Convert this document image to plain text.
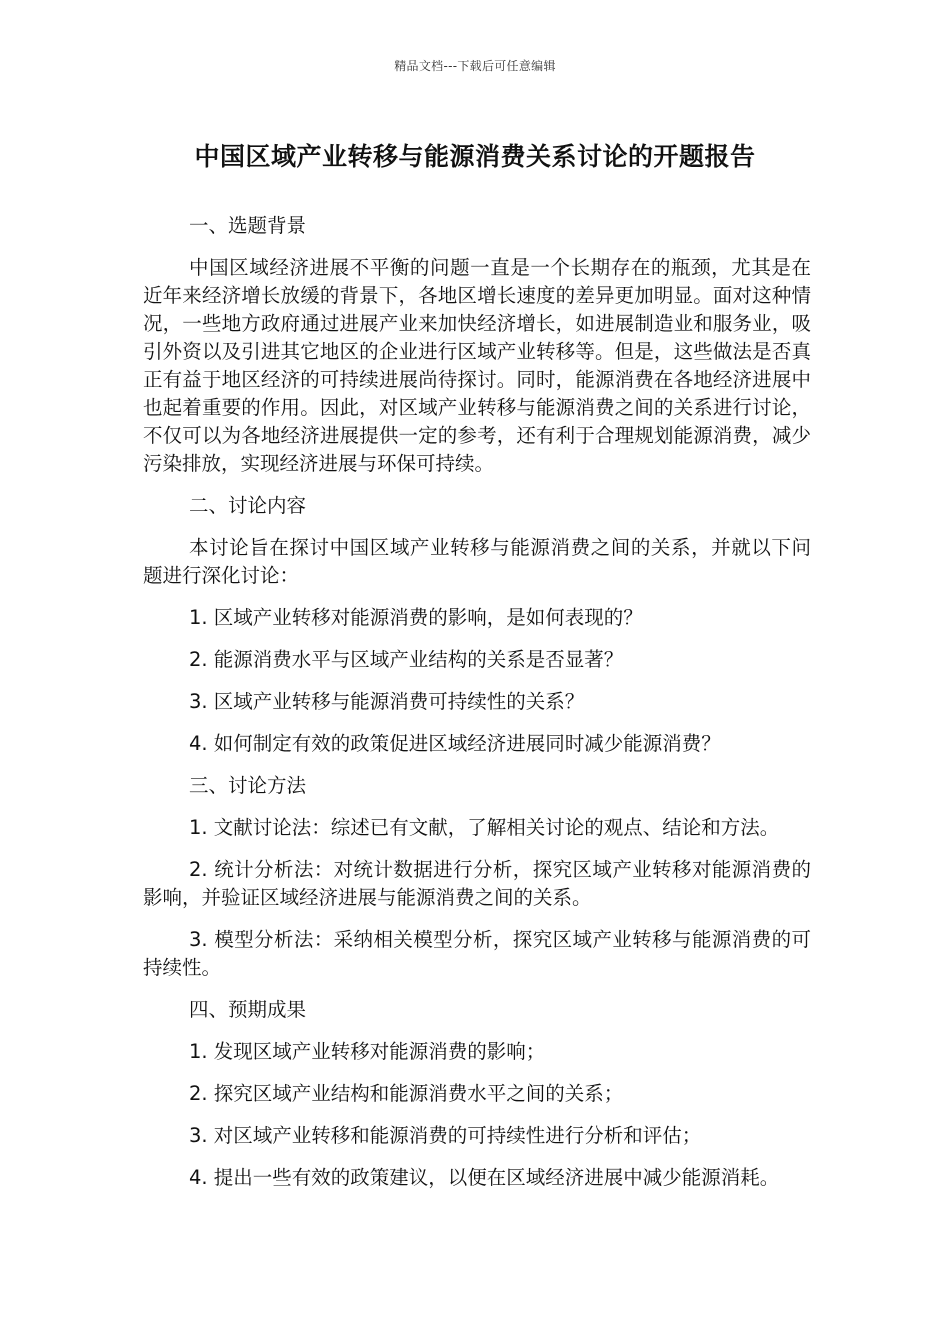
精品文档---下载后可任意编辑
中国区域产业转移与能源消费关系讨论的开题报告

一、选题背景

中国区域经济进展不平衡的问题一直是一个长期存在的瓶颈，尤其是在近年来经济增长放缓的背景下，各地区增长速度的差异更加明显。面对这种情况，一些地方政府通过进展产业来加快经济增长，如进展制造业和服务业，吸引外资以及引进其它地区的企业进行区域产业转移等。但是，这些做法是否真正有益于地区经济的可持续进展尚待探讨。同时，能源消费在各地经济进展中也起着重要的作用。因此，对区域产业转移与能源消费之间的关系进行讨论，不仅可以为各地经济进展提供一定的参考，还有利于合理规划能源消费，减少污染排放，实现经济进展与环保可持续。

二、讨论内容

本讨论旨在探讨中国区域产业转移与能源消费之间的关系，并就以下问题进行深化讨论：

1. 区域产业转移对能源消费的影响，是如何表现的？

2. 能源消费水平与区域产业结构的关系是否显著？

3. 区域产业转移与能源消费可持续性的关系？

4. 如何制定有效的政策促进区域经济进展同时减少能源消费？

三、讨论方法

1. 文献讨论法：综述已有文献，了解相关讨论的观点、结论和方法。

2. 统计分析法：对统计数据进行分析，探究区域产业转移对能源消费的影响，并验证区域经济进展与能源消费之间的关系。

3. 模型分析法：采纳相关模型分析，探究区域产业转移与能源消费的可持续性。

四、预期成果

1. 发现区域产业转移对能源消费的影响；

2. 探究区域产业结构和能源消费水平之间的关系；

3. 对区域产业转移和能源消费的可持续性进行分析和评估；

4. 提出一些有效的政策建议，以便在区域经济进展中减少能源消耗。
